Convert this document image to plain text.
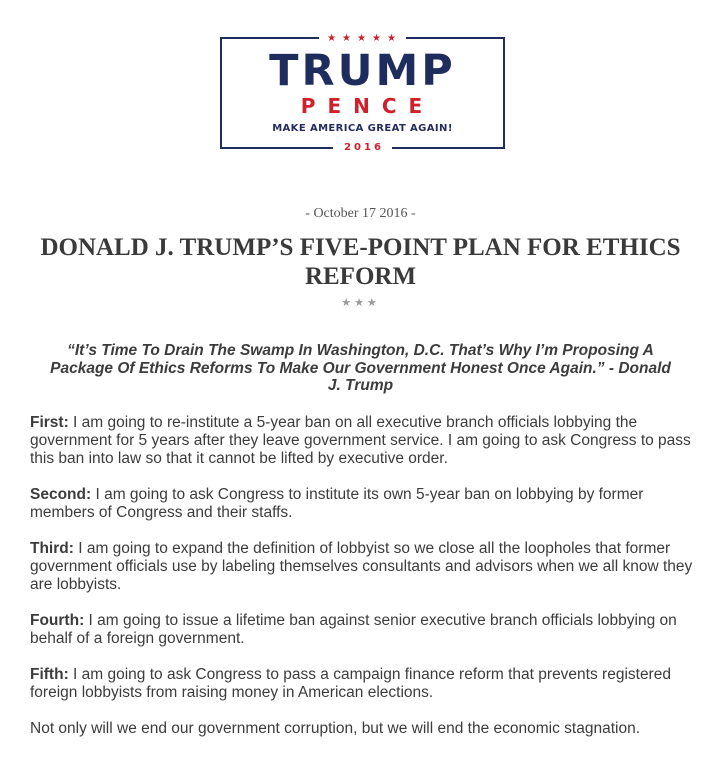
★★★★★
TRUMP
PENCE
MAKE AMERICA GREAT AGAIN!
2016
- October 17 2016 -
DONALD J. TRUMP’S FIVE-POINT PLAN FOR ETHICS REFORM
★★★
“It’s Time To Drain The Swamp In Washington, D.C. That’s Why I’m Proposing A Package Of Ethics Reforms To Make Our Government Honest Once Again.” - Donald J. Trump

First: I am going to re-institute a 5-year ban on all executive branch officials lobbying the government for 5 years after they leave government service. I am going to ask Congress to pass this ban into law so that it cannot be lifted by executive order.

Second: I am going to ask Congress to institute its own 5-year ban on lobbying by former members of Congress and their staffs.

Third: I am going to expand the definition of lobbyist so we close all the loopholes that former government officials use by labeling themselves consultants and advisors when we all know they are lobbyists.

Fourth: I am going to issue a lifetime ban against senior executive branch officials lobbying on behalf of a foreign government.

Fifth: I am going to ask Congress to pass a campaign finance reform that prevents registered foreign lobbyists from raising money in American elections.

Not only will we end our government corruption, but we will end the economic stagnation.
